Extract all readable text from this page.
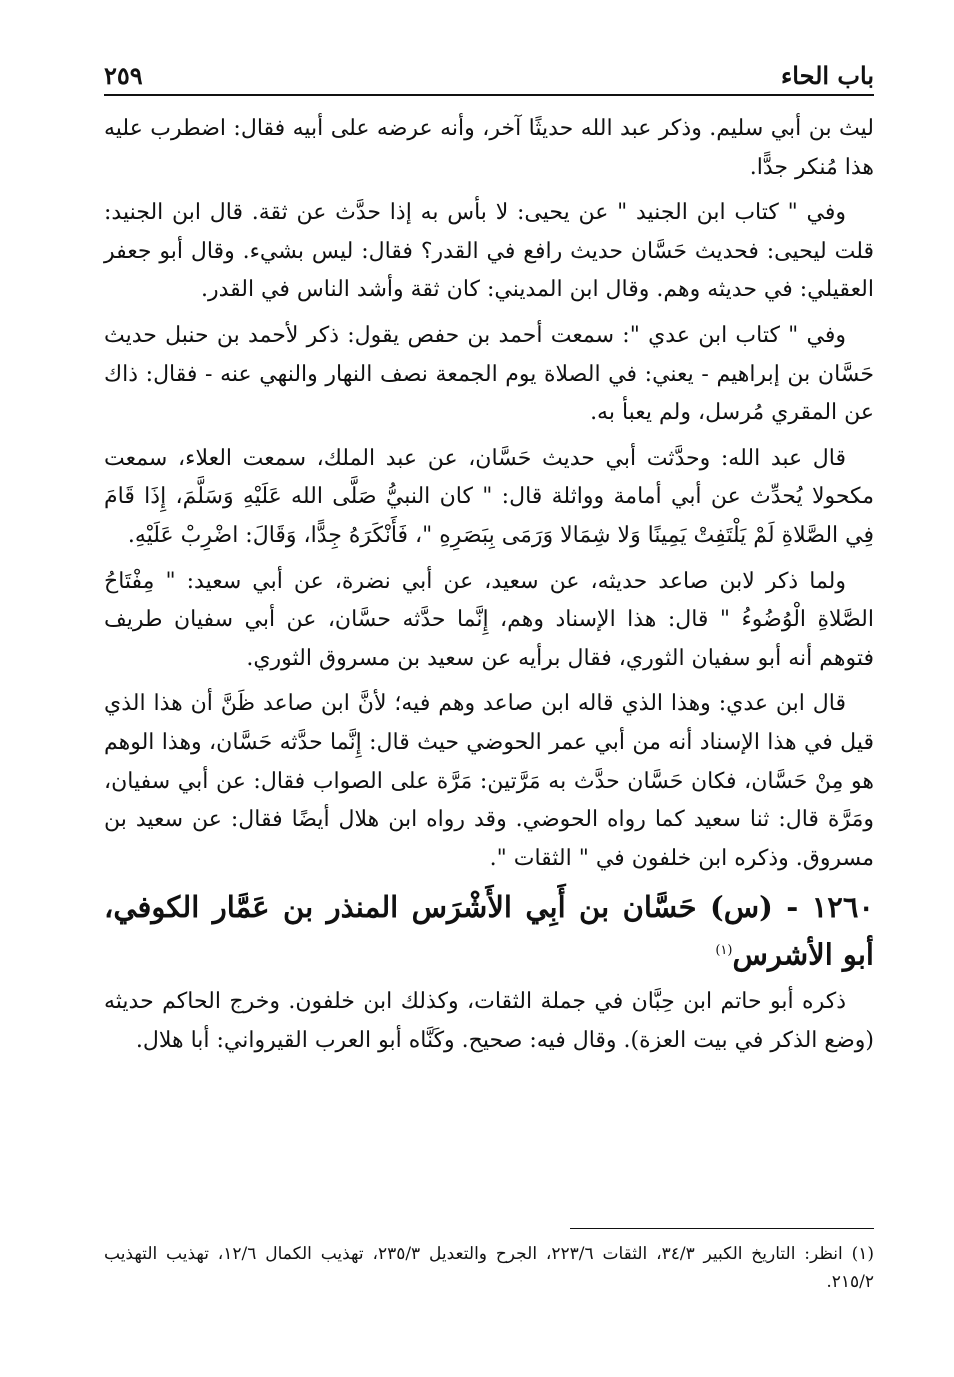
باب الحاء
٢٥٩

ليث بن أبي سليم. وذكر عبد الله حديثًا آخر، وأنه عرضه على أبيه فقال: اضطرب عليه هذا مُنكر جدًّا.

وفي " كتاب ابن الجنيد " عن يحيى: لا بأس به إذا حدَّث عن ثقة. قال ابن الجنيد: قلت ليحيى: فحديث حَسَّان حديث رافع في القدر؟ فقال: ليس بشيء. وقال أبو جعفر العقيلي: في حديثه وهم. وقال ابن المديني: كان ثقة وأشد الناس في القدر.

وفي " كتاب ابن عدي ": سمعت أحمد بن حفص يقول: ذكر لأحمد بن حنبل حديث حَسَّان بن إبراهيم - يعني: في الصلاة يوم الجمعة نصف النهار والنهي عنه - فقال: ذاك عن المقري مُرسل، ولم يعبأ به.

قال عبد الله: وحدَّثت أبي حديث حَسَّان، عن عبد الملك، سمعت العلاء، سمعت مكحولا يُحدِّث عن أبي أمامة وواثلة قال: " كان النبيُّ صَلَّى الله عَلَيْهِ وَسَلَّمَ، إِذَا قَامَ فِي الصَّلاةِ لَمْ يَلْتَفِتْ يَمِينًا وَلا شِمَالا وَرَمَى بِبَصَرِهِ "، فَأَنْكَرَهُ جِدًّا، وَقَالَ: اضْرِبْ عَلَيْهِ.

ولما ذكر لابن صاعد حديثه، عن سعيد، عن أبي نضرة، عن أبي سعيد: " مِفْتَاحُ الصَّلاةِ الْوُضُوءُ " قال: هذا الإسناد وهم، إِنَّما حدَّثه حسَّان، عن أبي سفيان طريف فتوهم أنه أبو سفيان الثوري، فقال برأيه عن سعيد بن مسروق الثوري.

قال ابن عدي: وهذا الذي قاله ابن صاعد وهم فيه؛ لأنَّ ابن صاعد ظَنَّ أن هذا الذي قيل في هذا الإسناد أنه من أبي عمر الحوضي حيث قال: إِنَّما حدَّثه حَسَّان، وهذا الوهم هو مِنْ حَسَّان، فكان حَسَّان حدَّث به مَرَّتين: مَرَّة على الصواب فقال: عن أبي سفيان، ومَرَّة قال: ثنا سعيد كما رواه الحوضي. وقد رواه ابن هلال أيضًا فقال: عن سعيد بن مسروق. وذكره ابن خلفون في " الثقات ".

١٢٦٠ - (س) حَسَّان بن أَبِي الأَشْرَس المنذر بن عَمَّار الكوفي، أبو الأشرس$^{(١)}$

ذكره أبو حاتم ابن حِبَّان في جملة الثقات، وكذلك ابن خلفون. وخرج الحاكم حديثه (وضع الذكر في بيت العزة). وقال فيه: صحيح. وكَنَّاه أبو العرب القيرواني: أبا هلال.

(١) انظر: التاريخ الكبير ٣٤/٣، الثقات ٢٢٣/٦، الجرح والتعديل ٢٣٥/٣، تهذيب الكمال ١٢/٦، تهذيب التهذيب ٢١٥/٢.
